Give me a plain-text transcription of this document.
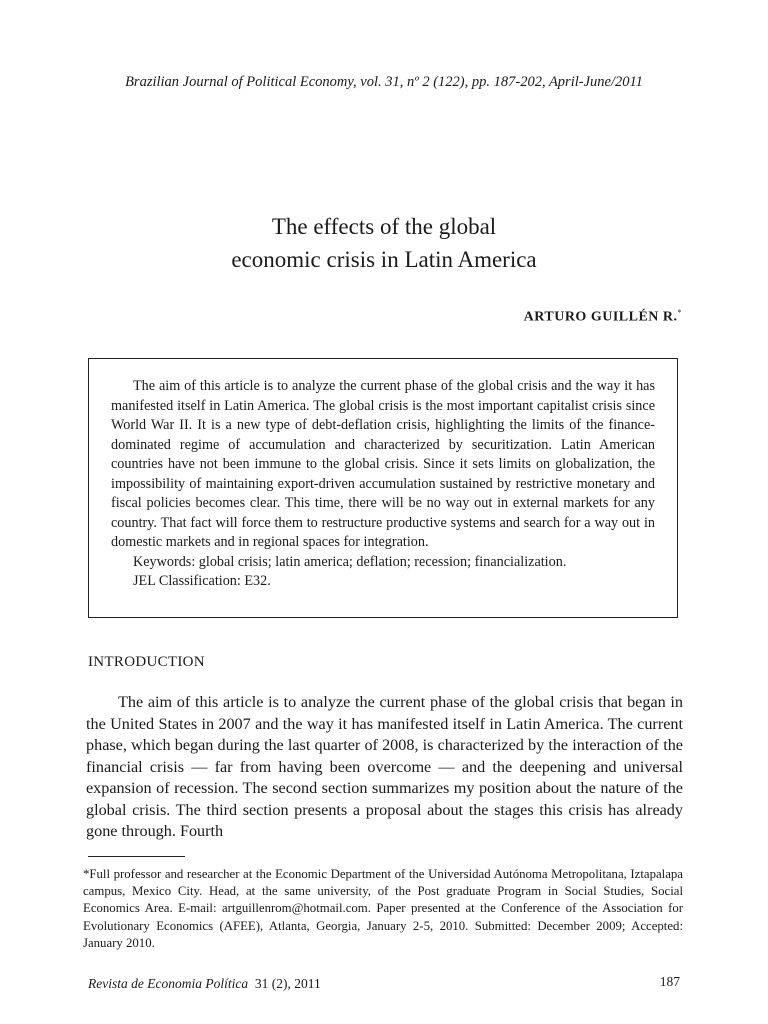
Brazilian Journal of Political Economy, vol. 31, nº 2 (122), pp. 187-202, April-June/2011
The effects of the global
economic crisis in Latin America
ARTURO GUILLÉN R.*

The aim of this article is to analyze the current phase of the global crisis and the way it has manifested itself in Latin America. The global crisis is the most important capitalist crisis since World War II. It is a new type of debt-deflation crisis, highlighting the limits of the finance-dominated regime of accumulation and characterized by securitization. Latin American countries have not been immune to the global crisis. Since it sets limits on globalization, the impossibility of maintaining export-driven accumulation sustained by restrictive monetary and fiscal policies becomes clear. This time, there will be no way out in external markets for any country. That fact will force them to restructure productive systems and search for a way out in domestic markets and in regional spaces for integration.

Keywords: global crisis; latin america; deflation; recession; financialization.

JEL Classification: E32.

INTRODUCTION

The aim of this article is to analyze the current phase of the global crisis that began in the United States in 2007 and the way it has manifested itself in Latin America. The current phase, which began during the last quarter of 2008, is characterized by the interaction of the financial crisis — far from having been overcome — and the deepening and universal expansion of recession. The second section summarizes my position about the nature of the global crisis. The third section presents a proposal about the stages this crisis has already gone through. Fourth

*Full professor and researcher at the Economic Department of the Universidad Autónoma Metropolitana, Iztapalapa campus, Mexico City. Head, at the same university, of the Post graduate Program in Social Studies, Social Economics Area. E-mail: artguillenrom@hotmail.com. Paper presented at the Conference of the Association for Evolutionary Economics (AFEE), Atlanta, Georgia, January 2-5, 2010. Submitted: December 2009; Accepted: January 2010.

Revista de Economia Política 31 (2), 2011	187
